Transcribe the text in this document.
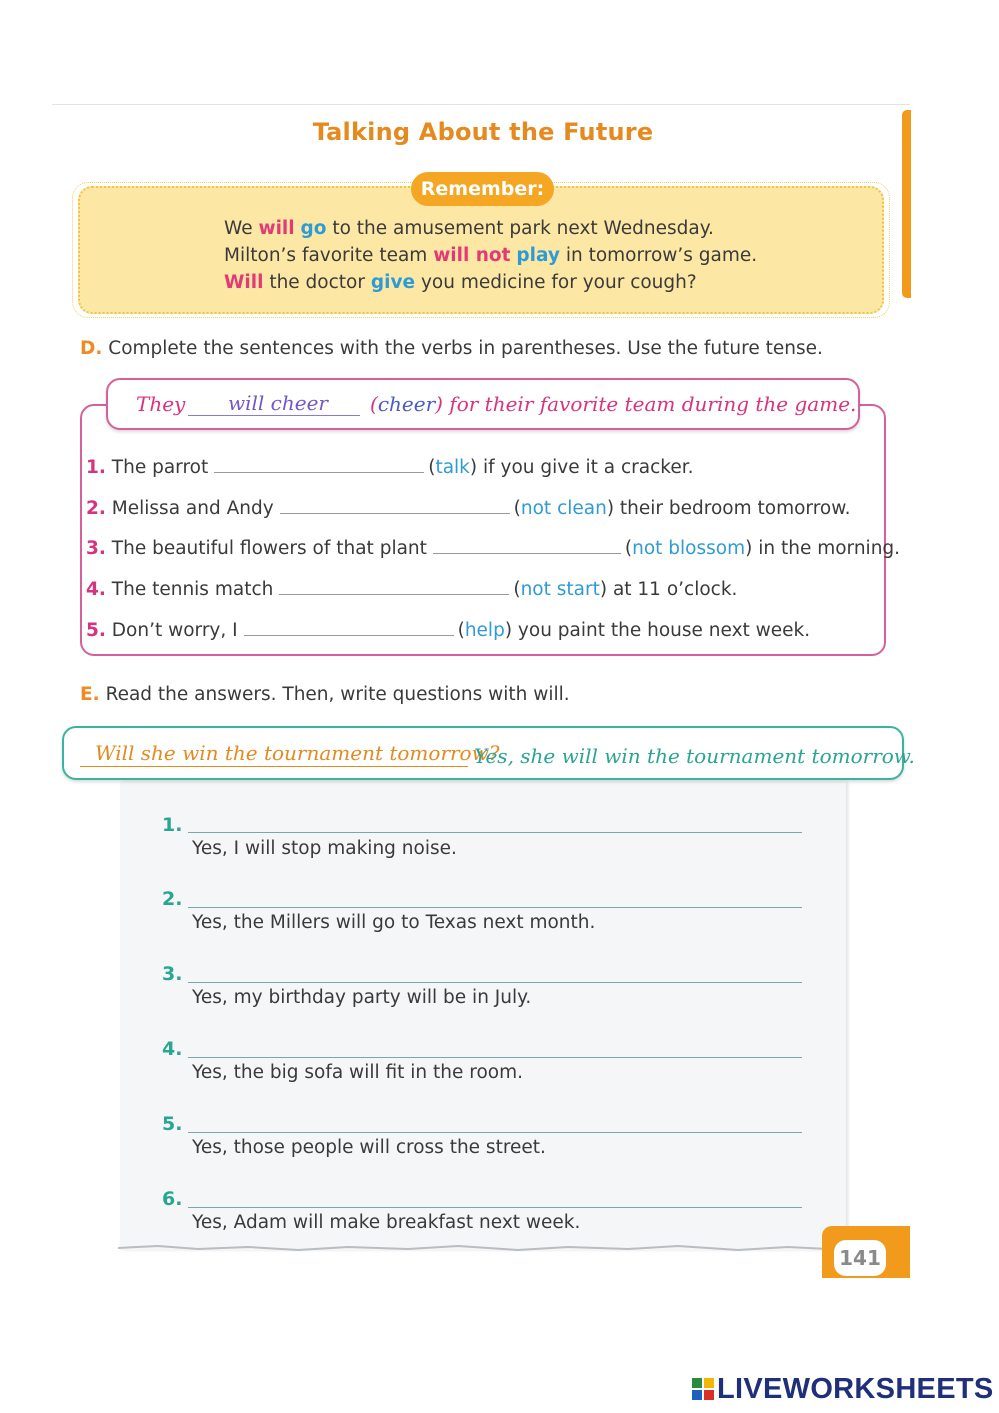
Talking About the Future
Remember:
We will go to the amusement park next Wednesday.
Milton’s favorite team will not play in tomorrow’s game.
Will the doctor give you medicine for your cough?
D. Complete the sentences with the verbs in parentheses. Use the future tense.
They will cheer (cheer) for their favorite team during the game.
1. The parrot	(talk) if you give it a cracker.
2. Melissa and Andy	(not clean) their bedroom tomorrow.
3. The beautiful flowers of that plant	(not blossom) in the morning.
4. The tennis match	(not start) at 11 o’clock.
5. Don’t worry, I	(help) you paint the house next week.
E. Read the answers. Then, write questions with will.
Will she win the tournament tomorrow?
Yes, she will win the tournament tomorrow.
1.
Yes, I will stop making noise.
2.
Yes, the Millers will go to Texas next month.
3.
Yes, my birthday party will be in July.
4.
Yes, the big sofa will fit in the room.
5.
Yes, those people will cross the street.
6.
Yes, Adam will make breakfast next week.
141
LIVEWORKSHEETS
